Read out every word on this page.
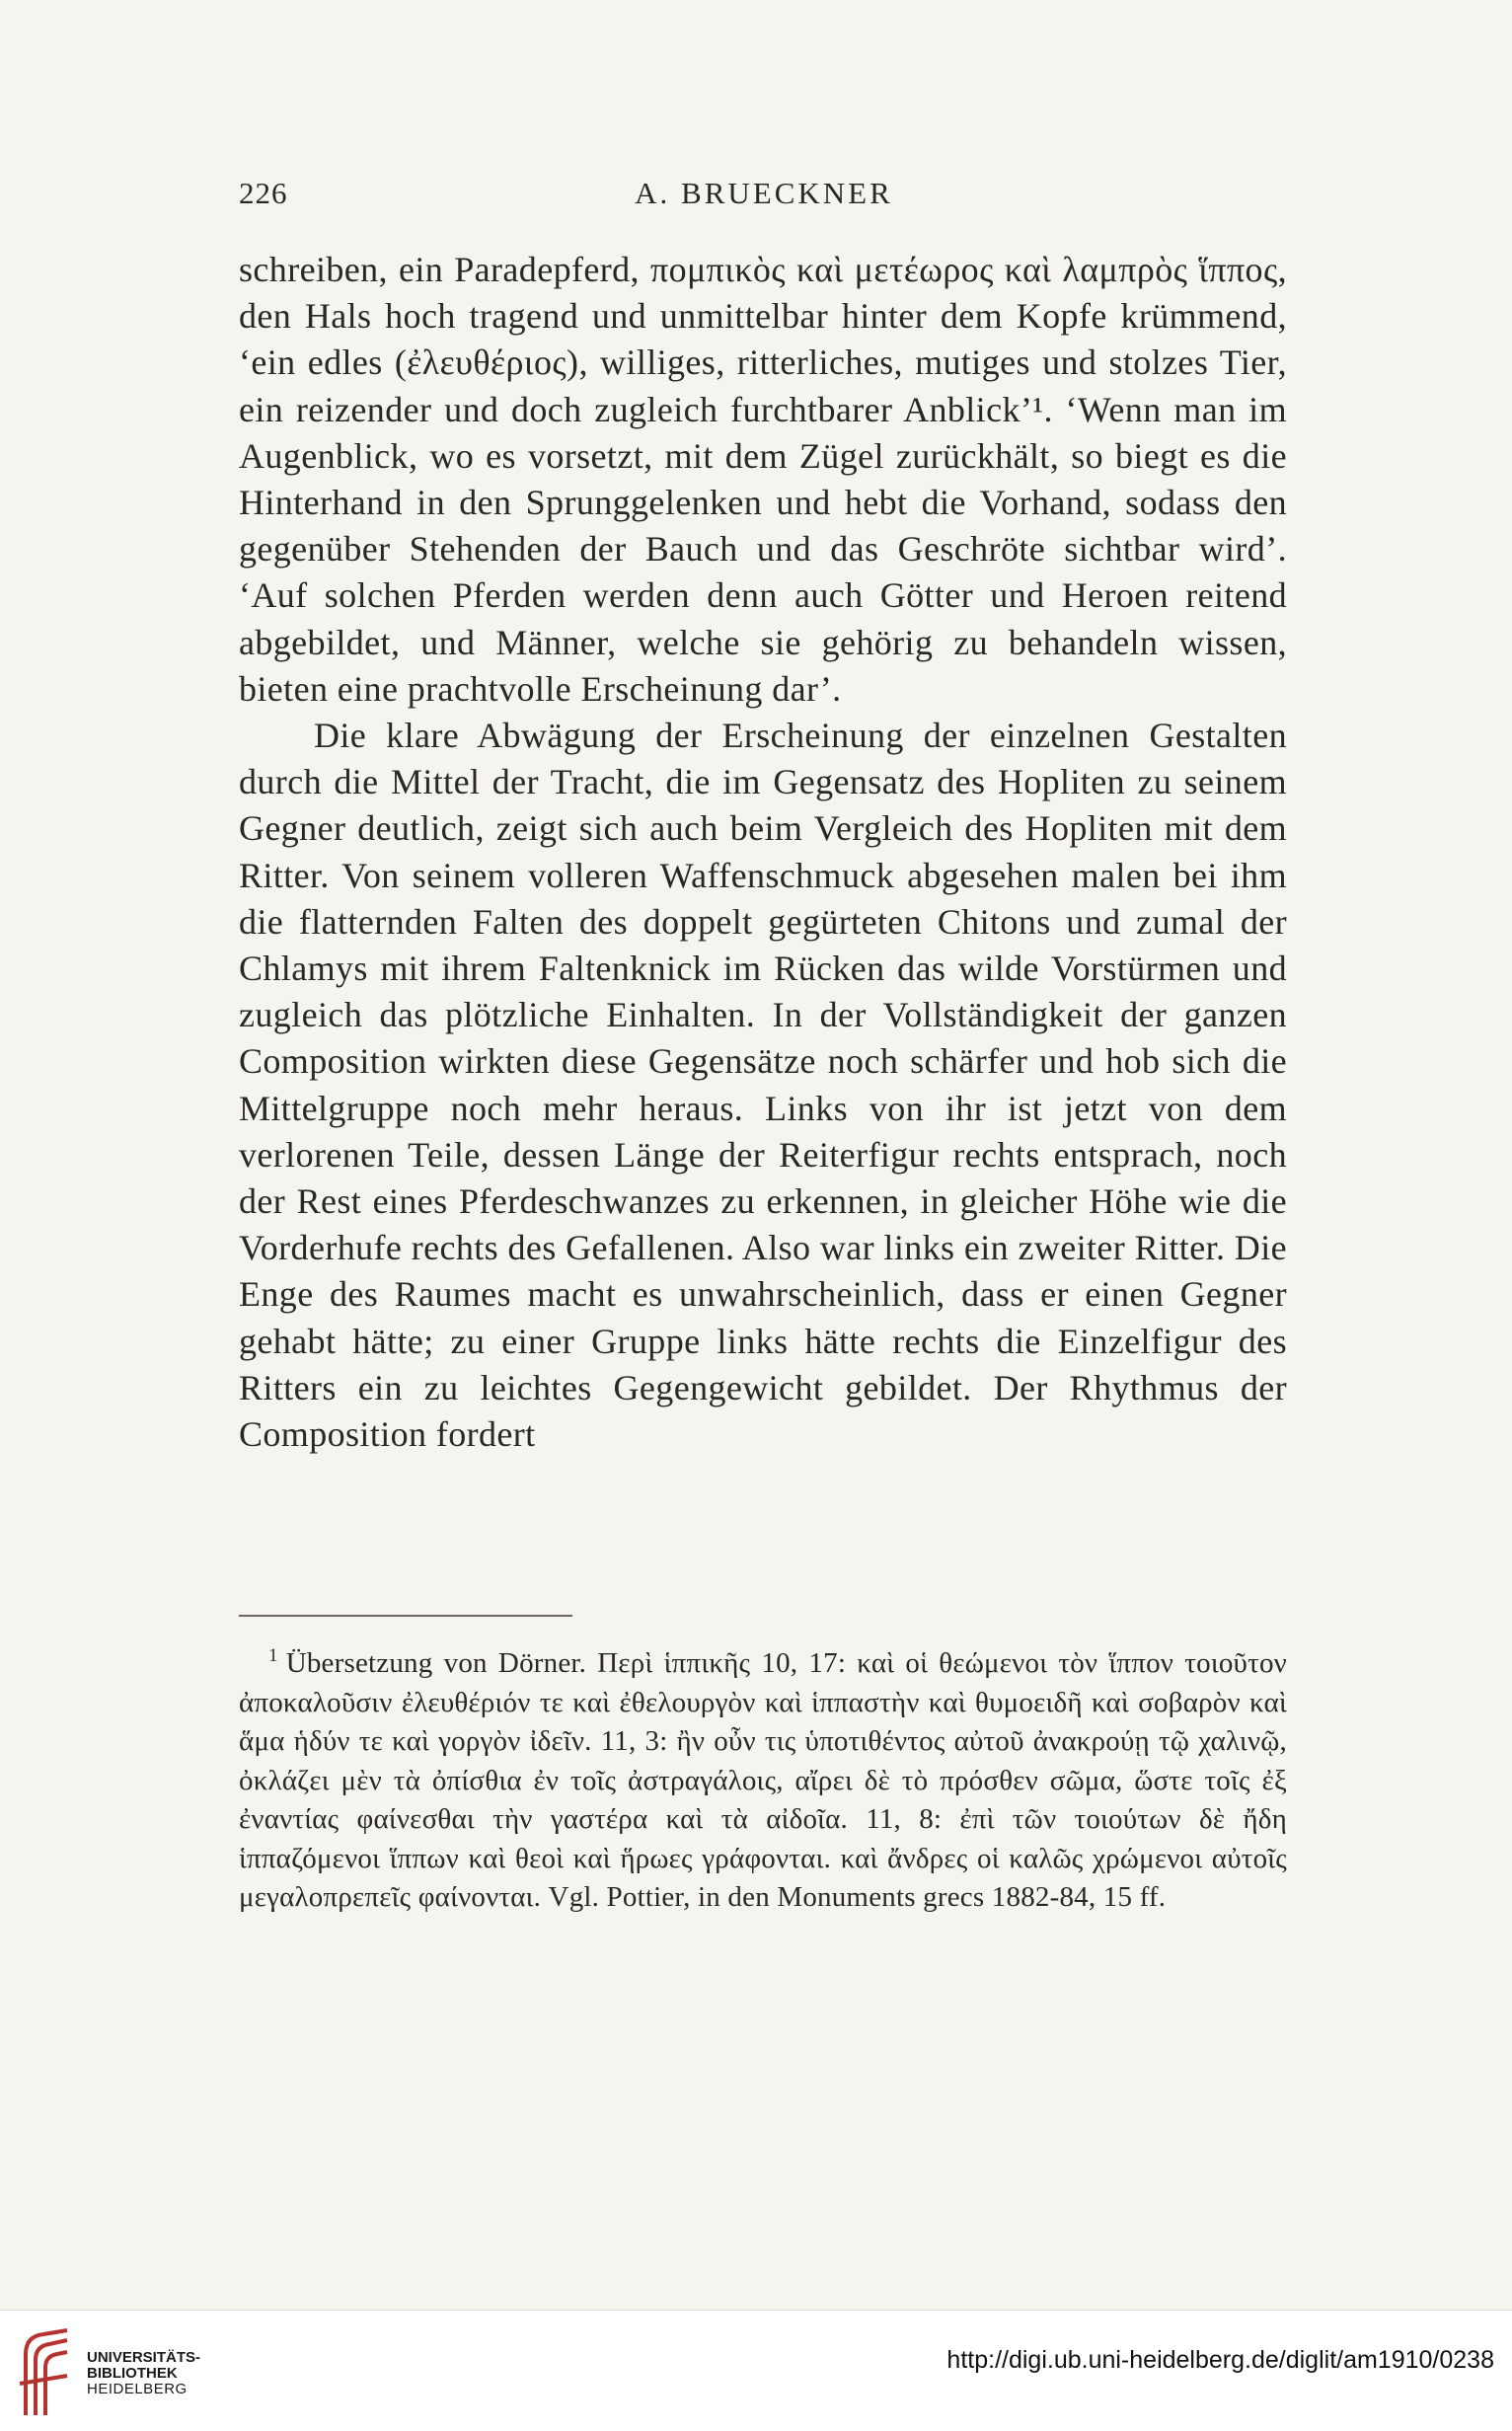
226	A. BRUECKNER

schreiben, ein Paradepferd, πομπικὸς καὶ μετέωρος καὶ λαμπρὸς ἵππος, den Hals hoch tragend und unmittelbar hinter dem Kopfe krümmend, ‘ein edles (ἐλευθέριος), williges, ritterliches, mutiges und stolzes Tier, ein reizender und doch zugleich furchtbarer Anblick’¹. ‘Wenn man im Augenblick, wo es vorsetzt, mit dem Zügel zurückhält, so biegt es die Hinterhand in den Sprunggelenken und hebt die Vorhand, sodass den gegenüber Stehenden der Bauch und das Geschröte sichtbar wird’. ‘Auf solchen Pferden werden denn auch Götter und Heroen reitend abgebildet, und Männer, welche sie gehörig zu behandeln wissen, bieten eine prachtvolle Erscheinung dar’.

Die klare Abwägung der Erscheinung der einzelnen Gestalten durch die Mittel der Tracht, die im Gegensatz des Hopliten zu seinem Gegner deutlich, zeigt sich auch beim Vergleich des Hopliten mit dem Ritter. Von seinem volleren Waffenschmuck abgesehen malen bei ihm die flatternden Falten des doppelt gegürteten Chitons und zumal der Chlamys mit ihrem Faltenknick im Rücken das wilde Vorstürmen und zugleich das plötzliche Einhalten. In der Vollständigkeit der ganzen Composition wirkten diese Gegensätze noch schärfer und hob sich die Mittelgruppe noch mehr heraus. Links von ihr ist jetzt von dem verlorenen Teile, dessen Länge der Reiterfigur rechts entsprach, noch der Rest eines Pferdeschwanzes zu erkennen, in gleicher Höhe wie die Vorderhufe rechts des Gefallenen. Also war links ein zweiter Ritter. Die Enge des Raumes macht es unwahrscheinlich, dass er einen Gegner gehabt hätte; zu einer Gruppe links hätte rechts die Einzelfigur des Ritters ein zu leichtes Gegengewicht gebildet. Der Rhythmus der Composition fordert

$^1$ Übersetzung von Dörner. Περὶ ἱππικῆς 10, 17: καὶ οἱ θεώμενοι τὸν ἵππον τοιοῦτον ἀποκαλοῦσιν ἐλευθέριόν τε καὶ ἐθελουργὸν καὶ ἱππαστὴν καὶ θυμοειδῆ καὶ σοβαρὸν καὶ ἅμα ἡδύν τε καὶ γοργὸν ἰδεῖν. 11, 3: ἢν οὖν τις ὑποτιθέντος αὐτοῦ ἀνακρούῃ τῷ χαλινῷ, ὀκλάζει μὲν τὰ ὀπίσθια ἐν τοῖς ἀστραγάλοις, αἴρει δὲ τὸ πρόσθεν σῶμα, ὥστε τοῖς ἐξ ἐναντίας φαίνεσθαι τὴν γαστέρα καὶ τὰ αἰδοῖα. 11, 8: ἐπὶ τῶν τοιούτων δὲ ἤδη ἱππαζόμενοι ἵππων καὶ θεοὶ καὶ ἥρωες γράφονται. καὶ ἄνδρες οἱ καλῶς χρώμενοι αὐτοῖς μεγαλοπρεπεῖς φαίνονται. Vgl. Pottier, in den Monuments grecs 1882-84, 15 ff.

UNIVERSITÄTS-
BIBLIOTHEK
HEIDELBERG
http://digi.ub.uni-heidelberg.de/diglit/am1910/0238
